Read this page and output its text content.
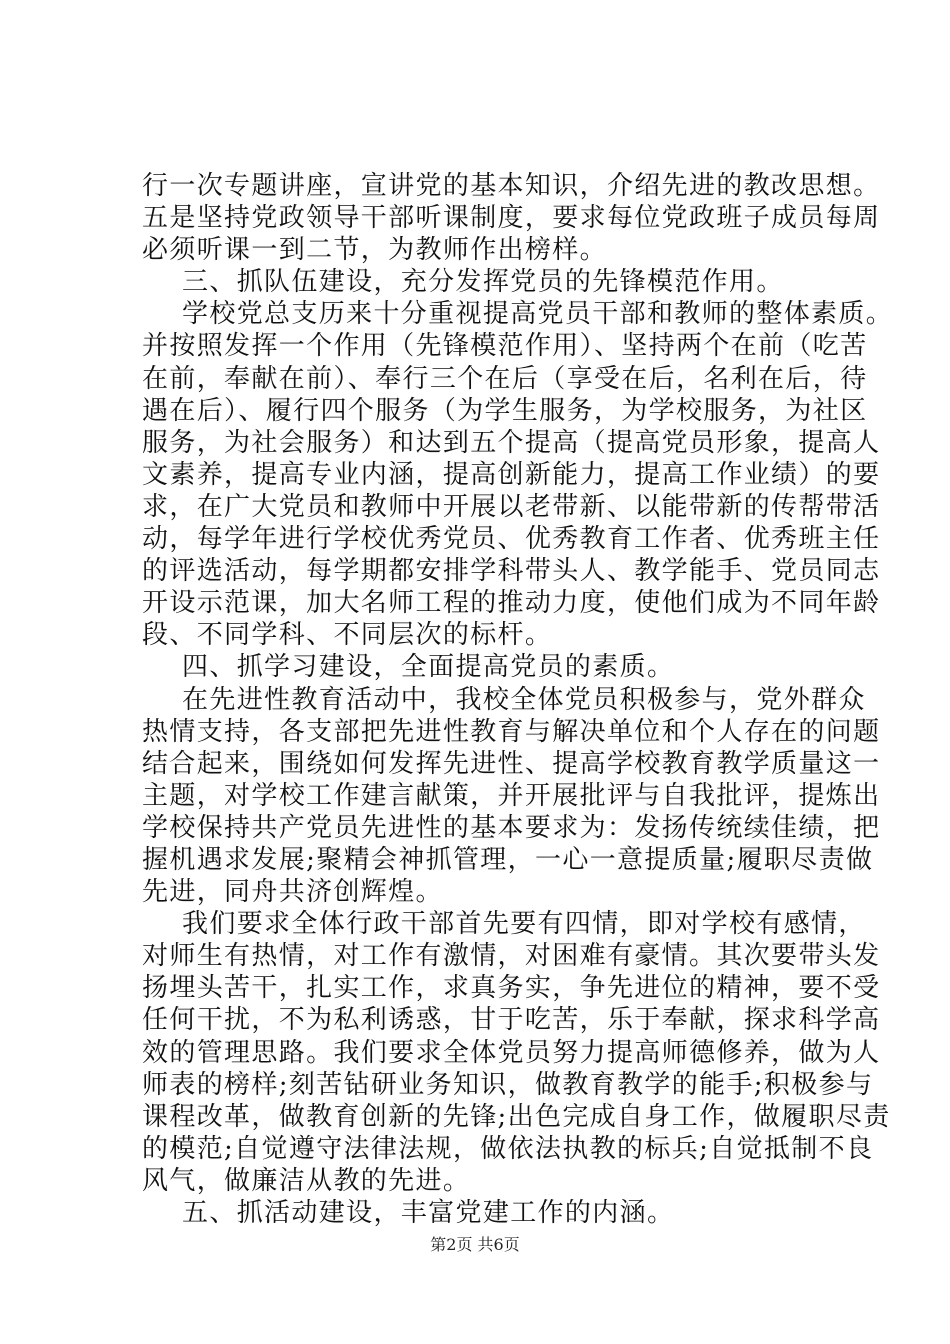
行一次专题讲座，宣讲党的基本知识，介绍先进的教改思想。
五是坚持党政领导干部听课制度，要求每位党政班子成员每周
必须听课一到二节，为教师作出榜样。
三、抓队伍建设，充分发挥党员的先锋模范作用。
学校党总支历来十分重视提高党员干部和教师的整体素质。
并按照发挥一个作用（先锋模范作用）、坚持两个在前（吃苦
在前，奉献在前）、奉行三个在后（享受在后，名利在后，待
遇在后）、履行四个服务（为学生服务，为学校服务，为社区
服务，为社会服务）和达到五个提高（提高党员形象，提高人
文素养，提高专业内涵，提高创新能力，提高工作业绩）的要
求，在广大党员和教师中开展以老带新、以能带新的传帮带活
动，每学年进行学校优秀党员、优秀教育工作者、优秀班主任
的评选活动，每学期都安排学科带头人、教学能手、党员同志
开设示范课，加大名师工程的推动力度，使他们成为不同年龄
段、不同学科、不同层次的标杆。
四、抓学习建设，全面提高党员的素质。
在先进性教育活动中，我校全体党员积极参与，党外群众
热情支持，各支部把先进性教育与解决单位和个人存在的问题
结合起来，围绕如何发挥先进性、提高学校教育教学质量这一
主题，对学校工作建言献策，并开展批评与自我批评，提炼出
学校保持共产党员先进性的基本要求为：发扬传统续佳绩，把
握机遇求发展;聚精会神抓管理，一心一意提质量;履职尽责做
先进，同舟共济创辉煌。
我们要求全体行政干部首先要有四情，即对学校有感情，
对师生有热情，对工作有激情，对困难有豪情。其次要带头发
扬埋头苦干，扎实工作，求真务实，争先进位的精神，要不受
任何干扰，不为私利诱惑，甘于吃苦，乐于奉献，探求科学高
效的管理思路。我们要求全体党员努力提高师德修养，做为人
师表的榜样;刻苦钻研业务知识，做教育教学的能手;积极参与
课程改革，做教育创新的先锋;出色完成自身工作，做履职尽责
的模范;自觉遵守法律法规，做依法执教的标兵;自觉抵制不良
风气，做廉洁从教的先进。
五、抓活动建设，丰富党建工作的内涵。
第2页 共6页
